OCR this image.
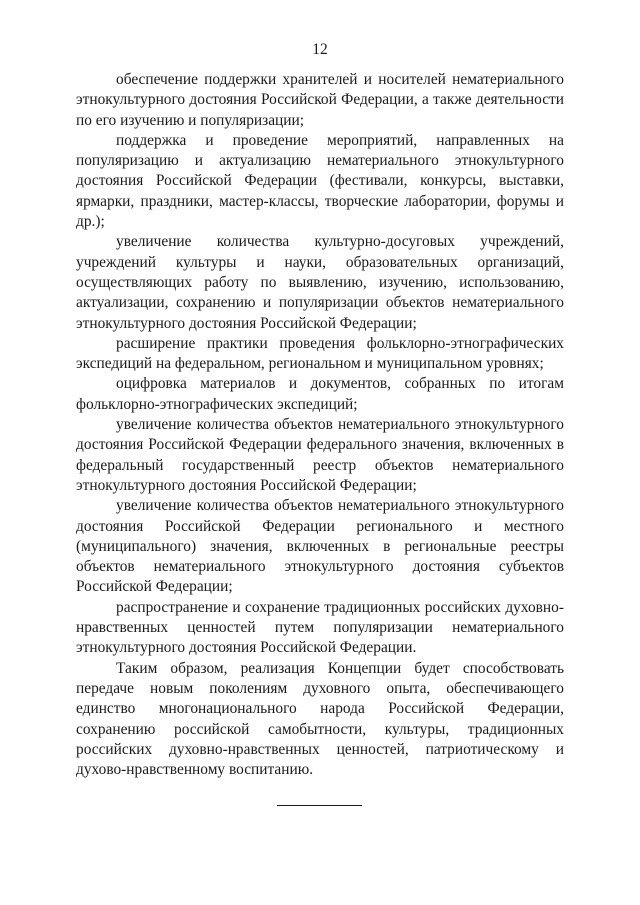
12

обеспечение поддержки хранителей и носителей нематериального этнокультурного достояния Российской Федерации, а также деятельности по его изучению и популяризации;

поддержка и проведение мероприятий, направленных на популяризацию и актуализацию нематериального этнокультурного достояния Российской Федерации (фестивали, конкурсы, выставки, ярмарки, праздники, мастер-классы, творческие лаборатории, форумы и др.);

увеличение количества культурно-досуговых учреждений, учреждений культуры и науки, образовательных организаций, осуществляющих работу по выявлению, изучению, использованию, актуализации, сохранению и популяризации объектов нематериального этнокультурного достояния Российской Федерации;

расширение практики проведения фольклорно-этнографических экспедиций на федеральном, региональном и муниципальном уровнях;

оцифровка материалов и документов, собранных по итогам фольклорно-этнографических экспедиций;

увеличение количества объектов нематериального этнокультурного достояния Российской Федерации федерального значения, включенных в федеральный государственный реестр объектов нематериального этнокультурного достояния Российской Федерации;

увеличение количества объектов нематериального этнокультурного достояния Российской Федерации регионального и местного (муниципального) значения, включенных в региональные реестры объектов нематериального этнокультурного достояния субъектов Российской Федерации;

распространение и сохранение традиционных российских духовно-нравственных ценностей путем популяризации нематериального этнокультурного достояния Российской Федерации.

Таким образом, реализация Концепции будет способствовать передаче новым поколениям духовного опыта, обеспечивающего единство многонационального народа Российской Федерации, сохранению российской самобытности, культуры, традиционных российских духовно-нравственных ценностей, патриотическому и духово-нравственному воспитанию.
